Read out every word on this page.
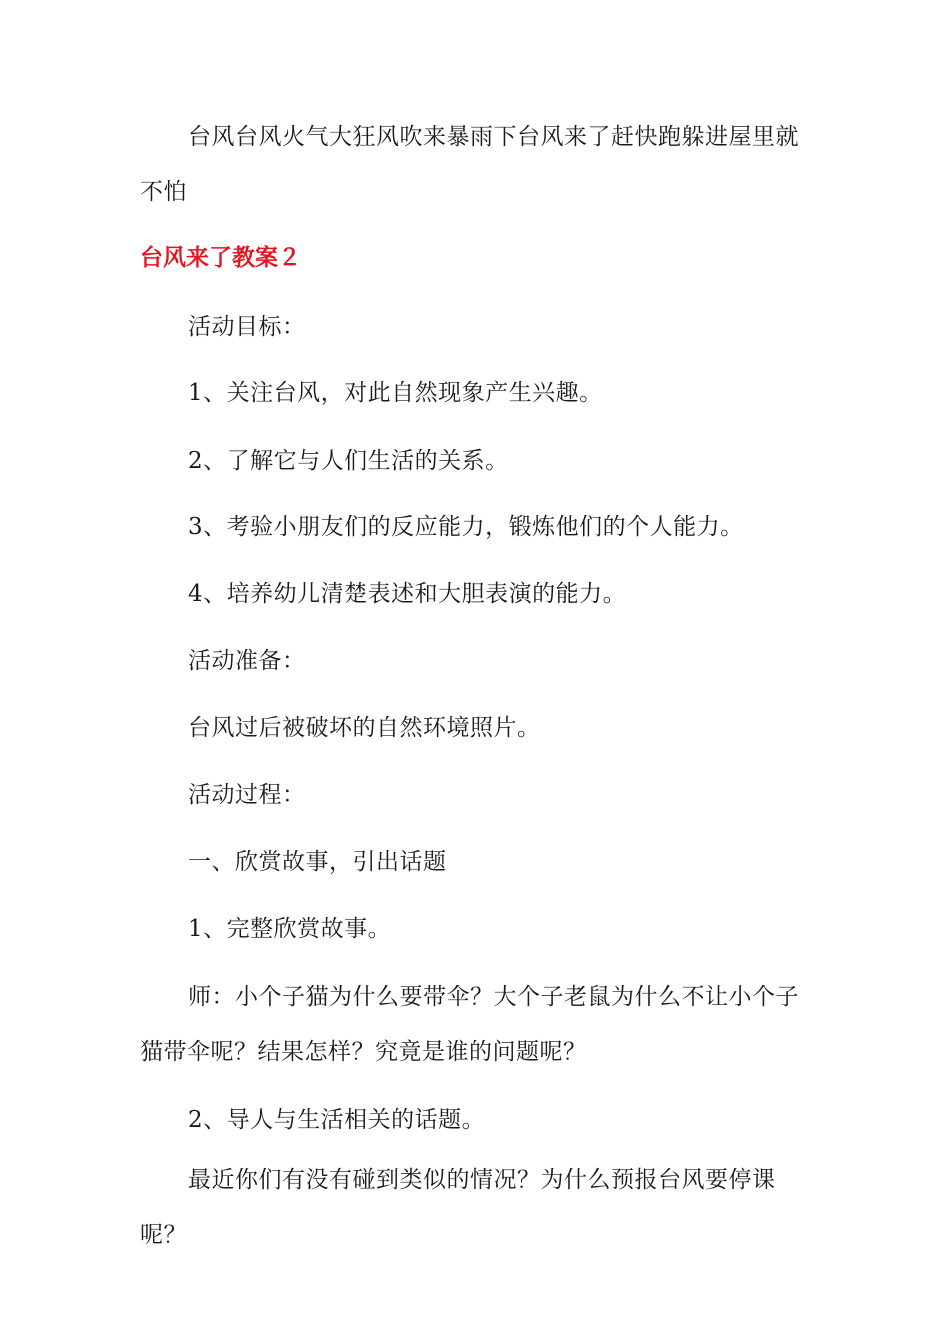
台风台风火气大狂风吹来暴雨下台风来了赶快跑躲进屋里就不怕

台风来了教案２

活动目标：

1、关注台风，对此自然现象产生兴趣。

2、了解它与人们生活的关系。

3、考验小朋友们的反应能力，锻炼他们的个人能力。

4、培养幼儿清楚表述和大胆表演的能力。

活动准备：

台风过后被破坏的自然环境照片。

活动过程：

一、欣赏故事，引出话题

1、完整欣赏故事。

师：小个子猫为什么要带伞？大个子老鼠为什么不让小个子猫带伞呢？结果怎样？究竟是谁的问题呢？

2、导人与生活相关的话题。

最近你们有没有碰到类似的情况？为什么预报台风要停课呢？
